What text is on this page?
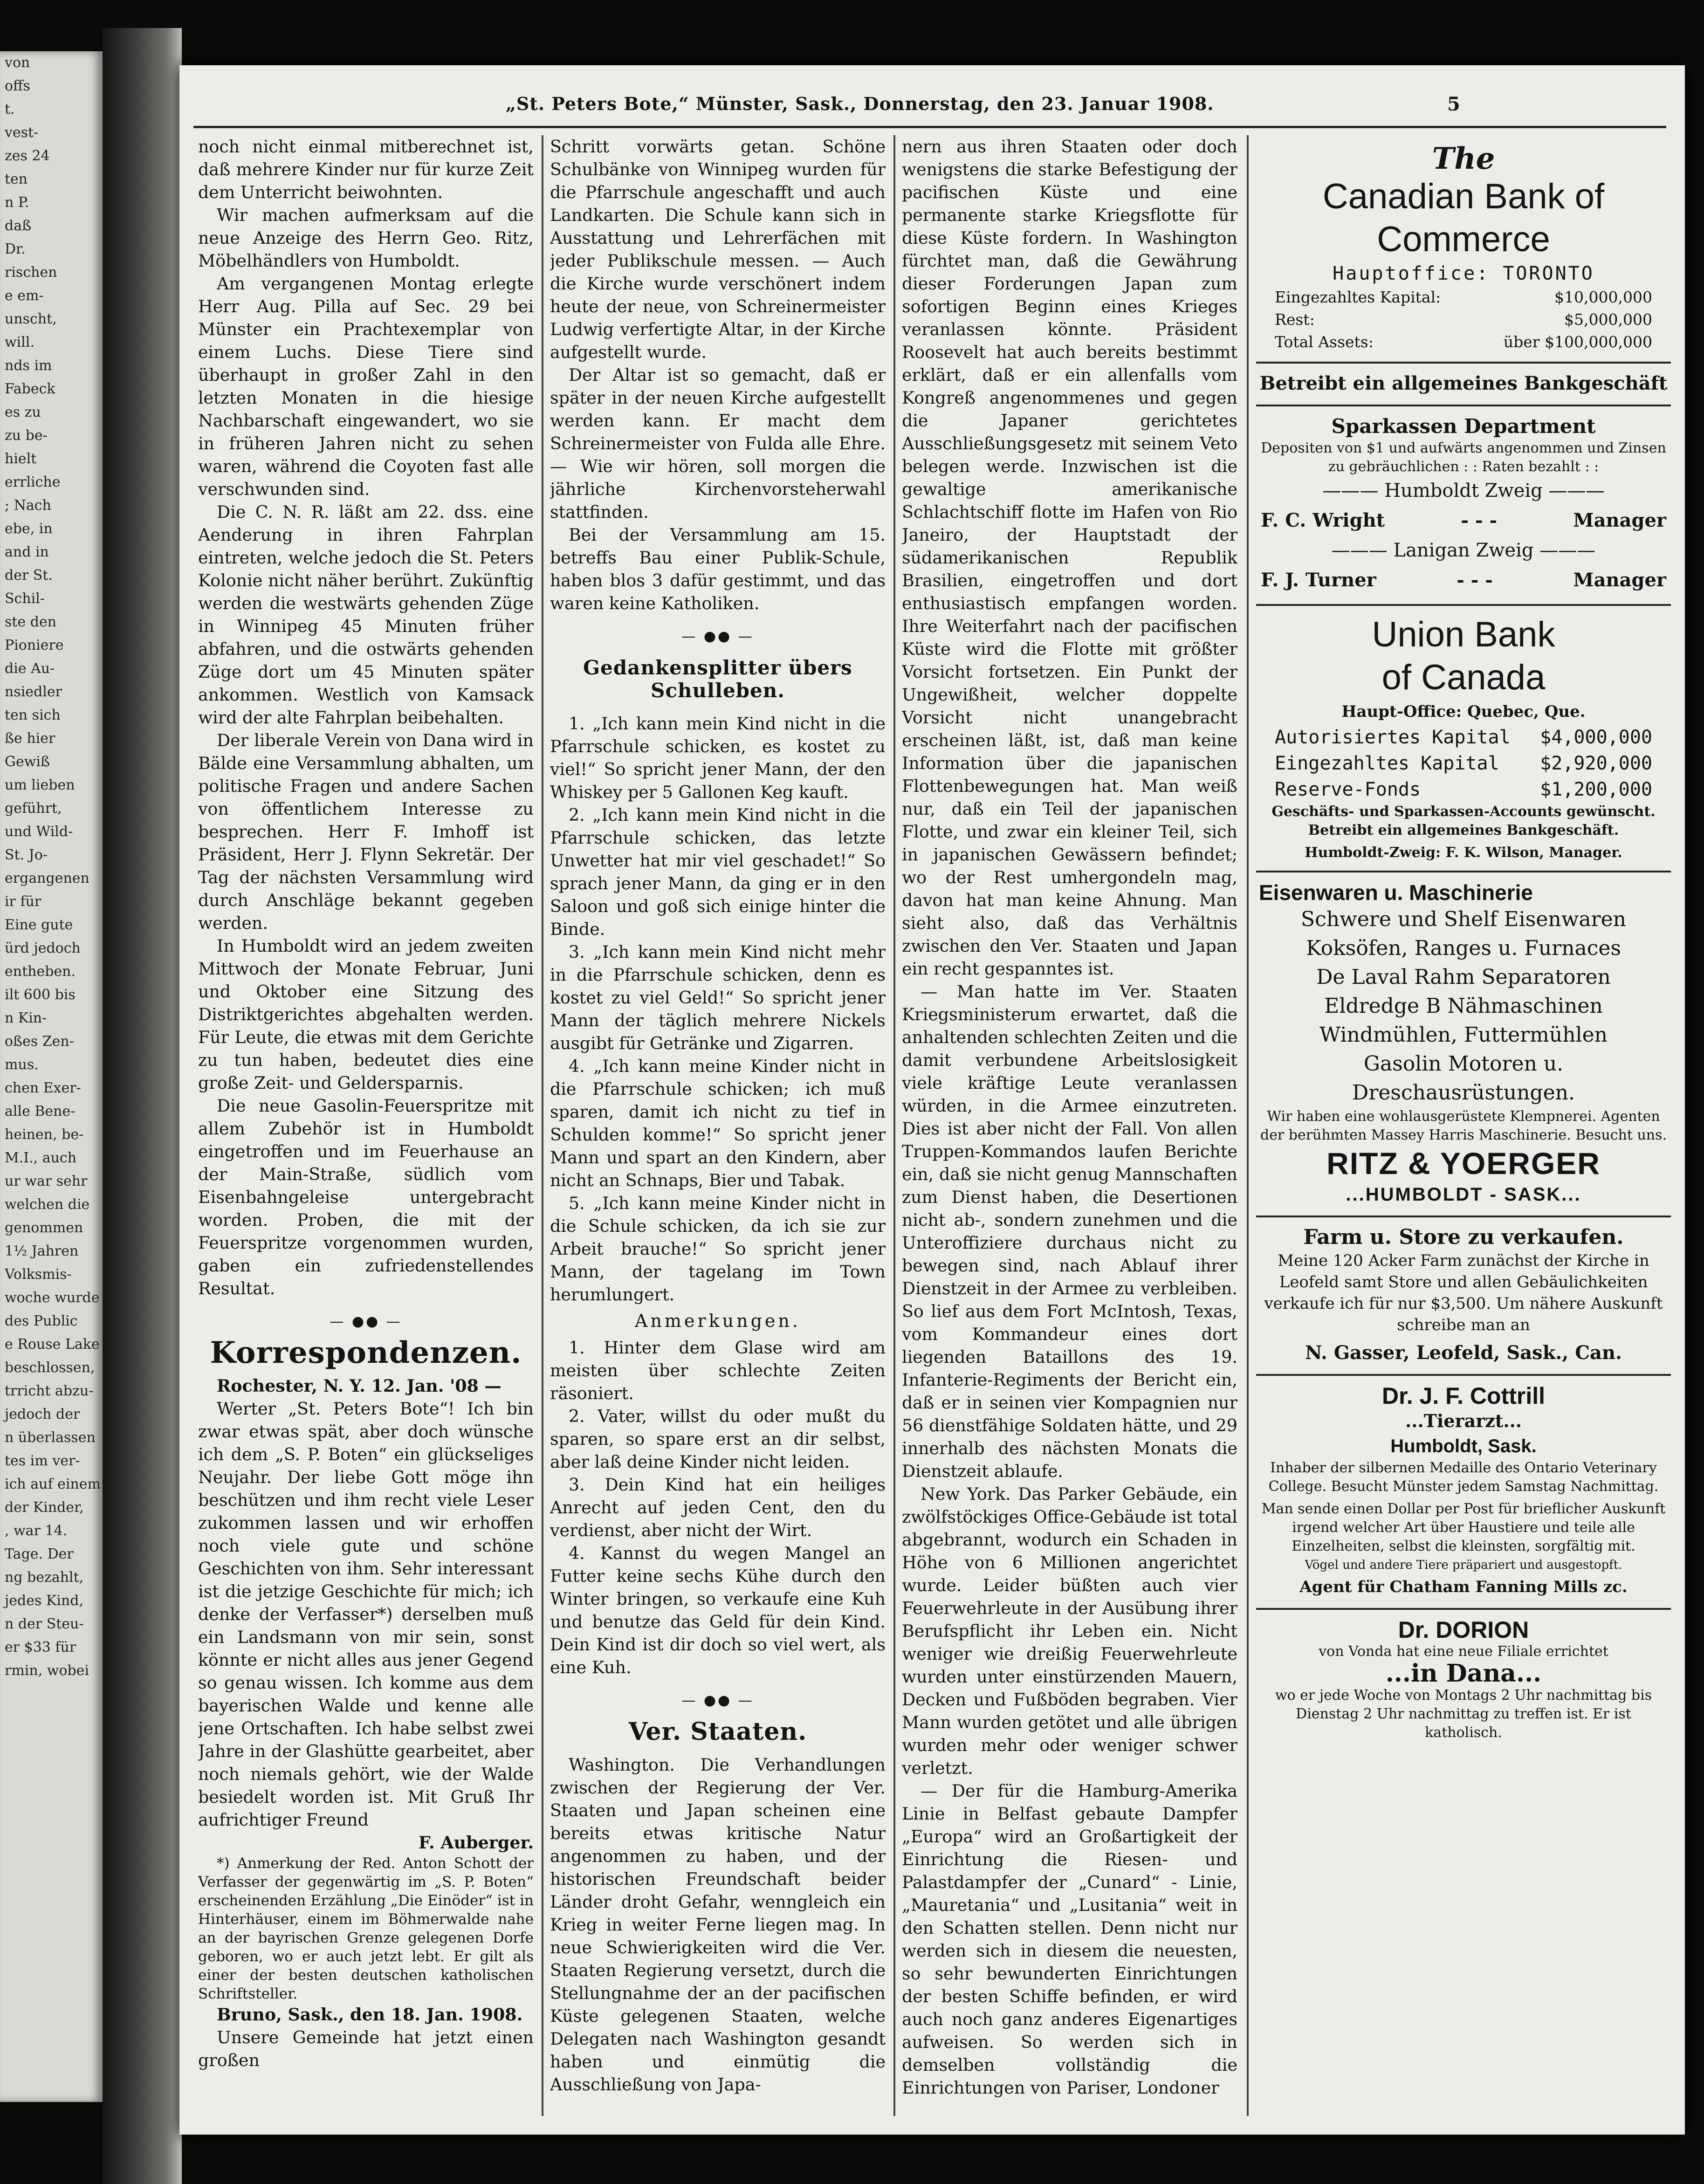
von
offs
t.
vest-
zes 24
ten
n P.
daß
Dr.
rischen
e em-
unscht,
will.
nds im
Fabeck
es zu
zu be-
hielt
errliche
; Nach
ebe, in
and in
der St.
Schil-
ste den
Pioniere
die Au-
nsiedler
ten sich
ße hier
Gewiß
um lieben
geführt,
und Wild-
St. Jo-
ergangenen
ir für
Eine gute
ürd jedoch
entheben.
ilt 600 bis
n Kin-
oßes Zen-
mus.
chen Exer-
alle Bene-
heinen, be-
M.I., auch
ur war sehr
welchen die
genommen
1½ Jahren
Volksmis-
woche wurde
des Public
e Rouse Lake
beschlossen,
trricht abzu-
jedoch der
n überlassen
tes im ver-
ich auf einem
der Kinder,
, war 14.
Tage. Der
ng bezahlt,
jedes Kind,
n der Steu-
er $33 für
rmin, wobei
„St. Peters Bote,“ Münster, Sask., Donnerstag, den 23. Januar 1908.	5

noch nicht einmal mitberechnet ist, daß mehrere Kinder nur für kurze Zeit dem Unterricht beiwohnten.

Wir machen aufmerksam auf die neue Anzeige des Herrn Geo. Ritz, Möbelhändlers von Humboldt.

Am vergangenen Montag erlegte Herr Aug. Pilla auf Sec. 29 bei Münster ein Prachtexemplar von einem Luchs. Diese Tiere sind überhaupt in großer Zahl in den letzten Monaten in die hiesige Nachbarschaft eingewandert, wo sie in früheren Jahren nicht zu sehen waren, während die Coyoten fast alle verschwunden sind.

Die C. N. R. läßt am 22. dss. eine Aenderung in ihren Fahrplan eintreten, welche jedoch die St. Peters Kolonie nicht näher berührt. Zukünftig werden die westwärts gehenden Züge in Winnipeg 45 Minuten früher abfahren, und die ostwärts gehenden Züge dort um 45 Minuten später ankommen. Westlich von Kamsack wird der alte Fahrplan beibehalten.

Der liberale Verein von Dana wird in Bälde eine Versammlung abhalten, um politische Fragen und andere Sachen von öffentlichem Interesse zu besprechen. Herr F. Imhoff ist Präsident, Herr J. Flynn Sekretär. Der Tag der nächsten Versammlung wird durch Anschläge bekannt gegeben werden.

In Humboldt wird an jedem zweiten Mittwoch der Monate Februar, Juni und Oktober eine Sitzung des Distriktgerichtes abgehalten werden. Für Leute, die etwas mit dem Gerichte zu tun haben, bedeutet dies eine große Zeit- und Geldersparnis.

Die neue Gasolin-Feuerspritze mit allem Zubehör ist in Humboldt eingetroffen und im Feuerhause an der Main-Straße, südlich vom Eisenbahngeleise untergebracht worden. Proben, die mit der Feuerspritze vorgenommen wurden, gaben ein zufriedenstellendes Resultat.

— ●● —
Korrespondenzen.

Rochester, N. Y. 12. Jan. '08 —

Werter „St. Peters Bote“! Ich bin zwar etwas spät, aber doch wünsche ich dem „S. P. Boten“ ein glückseliges Neujahr. Der liebe Gott möge ihn beschützen und ihm recht viele Leser zukommen lassen und wir erhoffen noch viele gute und schöne Geschichten von ihm. Sehr interessant ist die jetzige Geschichte für mich; ich denke der Verfasser*) derselben muß ein Landsmann von mir sein, sonst könnte er nicht alles aus jener Gegend so genau wissen. Ich komme aus dem bayerischen Walde und kenne alle jene Ortschaften. Ich habe selbst zwei Jahre in der Glashütte gearbeitet, aber noch niemals gehört, wie der Walde besiedelt worden ist. Mit Gruß Ihr aufrichtiger Freund

F. Auberger.

*) Anmerkung der Red. Anton Schott der Verfasser der gegenwärtig im „S. P. Boten“ erscheinenden Erzählung „Die Einöder“ ist in Hinterhäuser, einem im Böhmerwalde nahe an der bayrischen Grenze gelegenen Dorfe geboren, wo er auch jetzt lebt. Er gilt als einer der besten deutschen katholischen Schriftsteller.

Bruno, Sask., den 18. Jan. 1908.

Unsere Gemeinde hat jetzt einen großen

Schritt vorwärts getan. Schöne Schulbänke von Winnipeg wurden für die Pfarrschule angeschafft und auch Landkarten. Die Schule kann sich in Ausstattung und Lehrerfächen mit jeder Publikschule messen. — Auch die Kirche wurde verschönert indem heute der neue, von Schreinermeister Ludwig verfertigte Altar, in der Kirche aufgestellt wurde.

Der Altar ist so gemacht, daß er später in der neuen Kirche aufgestellt werden kann. Er macht dem Schreinermeister von Fulda alle Ehre. — Wie wir hören, soll morgen die jährliche Kirchenvorsteherwahl stattfinden.

Bei der Versammlung am 15. betreffs Bau einer Publik-Schule, haben blos 3 dafür gestimmt, und das waren keine Katholiken.

— ●● —
Gedankensplitter übers Schulleben.

1. „Ich kann mein Kind nicht in die Pfarrschule schicken, es kostet zu viel!“ So spricht jener Mann, der den Whiskey per 5 Gallonen Keg kauft.

2. „Ich kann mein Kind nicht in die Pfarrschule schicken, das letzte Unwetter hat mir viel geschadet!“ So sprach jener Mann, da ging er in den Saloon und goß sich einige hinter die Binde.

3. „Ich kann mein Kind nicht mehr in die Pfarrschule schicken, denn es kostet zu viel Geld!“ So spricht jener Mann der täglich mehrere Nickels ausgibt für Getränke und Zigarren.

4. „Ich kann meine Kinder nicht in die Pfarrschule schicken; ich muß sparen, damit ich nicht zu tief in Schulden komme!“ So spricht jener Mann und spart an den Kindern, aber nicht an Schnaps, Bier und Tabak.

5. „Ich kann meine Kinder nicht in die Schule schicken, da ich sie zur Arbeit brauche!“ So spricht jener Mann, der tagelang im Town herumlungert.

Anmerkungen.

1. Hinter dem Glase wird am meisten über schlechte Zeiten räsoniert.

2. Vater, willst du oder mußt du sparen, so spare erst an dir selbst, aber laß deine Kinder nicht leiden.

3. Dein Kind hat ein heiliges Anrecht auf jeden Cent, den du verdienst, aber nicht der Wirt.

4. Kannst du wegen Mangel an Futter keine sechs Kühe durch den Winter bringen, so verkaufe eine Kuh und benutze das Geld für dein Kind. Dein Kind ist dir doch so viel wert, als eine Kuh.

— ●● —
Ver. Staaten.

Washington. Die Verhandlungen zwischen der Regierung der Ver. Staaten und Japan scheinen eine bereits etwas kritische Natur angenommen zu haben, und der historischen Freundschaft beider Länder droht Gefahr, wenngleich ein Krieg in weiter Ferne liegen mag. In neue Schwierigkeiten wird die Ver. Staaten Regierung versetzt, durch die Stellungnahme der an der pacifischen Küste gelegenen Staaten, welche Delegaten nach Washington gesandt haben und einmütig die Ausschließung von Japa-

nern aus ihren Staaten oder doch wenigstens die starke Befestigung der pacifischen Küste und eine permanente starke Kriegsflotte für diese Küste fordern. In Washington fürchtet man, daß die Gewährung dieser Forderungen Japan zum sofortigen Beginn eines Krieges veranlassen könnte. Präsident Roosevelt hat auch bereits bestimmt erklärt, daß er ein allenfalls vom Kongreß angenommenes und gegen die Japaner gerichtetes Ausschließungsgesetz mit seinem Veto belegen werde. Inzwischen ist die gewaltige amerikanische Schlachtschiff flotte im Hafen von Rio Janeiro, der Hauptstadt der südamerikanischen Republik Brasilien, eingetroffen und dort enthusiastisch empfangen worden. Ihre Weiterfahrt nach der pacifischen Küste wird die Flotte mit größter Vorsicht fortsetzen. Ein Punkt der Ungewißheit, welcher doppelte Vorsicht nicht unangebracht erscheinen läßt, ist, daß man keine Information über die japanischen Flottenbewegungen hat. Man weiß nur, daß ein Teil der japanischen Flotte, und zwar ein kleiner Teil, sich in japanischen Gewässern befindet; wo der Rest umhergondeln mag, davon hat man keine Ahnung. Man sieht also, daß das Verhältnis zwischen den Ver. Staaten und Japan ein recht gespanntes ist.

— Man hatte im Ver. Staaten Kriegsministerum erwartet, daß die anhaltenden schlechten Zeiten und die damit verbundene Arbeitslosigkeit viele kräftige Leute veranlassen würden, in die Armee einzutreten. Dies ist aber nicht der Fall. Von allen Truppen-Kommandos laufen Berichte ein, daß sie nicht genug Mannschaften zum Dienst haben, die Desertionen nicht ab-, sondern zunehmen und die Unteroffiziere durchaus nicht zu bewegen sind, nach Ablauf ihrer Dienstzeit in der Armee zu verbleiben. So lief aus dem Fort McIntosh, Texas, vom Kommandeur eines dort liegenden Bataillons des 19. Infanterie-Regiments der Bericht ein, daß er in seinen vier Kompagnien nur 56 dienstfähige Soldaten hätte, und 29 innerhalb des nächsten Monats die Dienstzeit ablaufe.

New York. Das Parker Gebäude, ein zwölfstöckiges Office-Gebäude ist total abgebrannt, wodurch ein Schaden in Höhe von 6 Millionen angerichtet wurde. Leider büßten auch vier Feuerwehrleute in der Ausübung ihrer Berufspflicht ihr Leben ein. Nicht weniger wie dreißig Feuerwehrleute wurden unter einstürzenden Mauern, Decken und Fußböden begraben. Vier Mann wurden getötet und alle übrigen wurden mehr oder weniger schwer verletzt.

— Der für die Hamburg-Amerika Linie in Belfast gebaute Dampfer „Europa“ wird an Großartigkeit der Einrichtung die Riesen- und Palastdampfer der „Cunard“ - Linie, „Mauretania“ und „Lusitania“ weit in den Schatten stellen. Denn nicht nur werden sich in diesem die neuesten, so sehr bewunderten Einrichtungen der besten Schiffe befinden, er wird auch noch ganz anderes Eigenartiges aufweisen. So werden sich in demselben vollständig die Einrichtungen von Pariser, Londoner

The
Canadian Bank of Commerce
Hauptoffice: TORONTO
Eingezahltes Kapital:	$10,000,000
Rest:	$5,000,000
Total Assets:	über $100,000,000
Betreibt ein allgemeines Bankgeschäft
Sparkassen Department
Depositen von $1 und aufwärts angenommen und Zinsen zu gebräuchlichen : : Raten bezahlt : :
——— Humboldt Zweig ———
F. C. Wright	- - -	Manager
——— Lanigan Zweig ———
F. J. Turner	- - -	Manager
Union Bank
of Canada
Haupt-Office: Quebec, Que.
Autorisiertes Kapital $4,000,000
Eingezahltes Kapital $2,920,000
Reserve-Fonds	$1,200,000
Geschäfts- und Sparkassen-Accounts gewünscht. Betreibt ein allgemeines Bankgeschäft.
Humboldt-Zweig: F. K. Wilson, Manager.
Eisenwaren u. Maschinerie
Schwere und Shelf Eisenwaren
Koksöfen, Ranges u. Furnaces
De Laval Rahm Separatoren
Eldredge B Nähmaschinen
Windmühlen, Futtermühlen
Gasolin Motoren u. Dreschausrüstungen.
Wir haben eine wohlausgerüstete Klempnerei. Agenten der berühmten Massey Harris Maschinerie. Besucht uns.
RITZ & YOERGER
...HUMBOLDT - SASK...
Farm u. Store zu verkaufen.
Meine 120 Acker Farm zunächst der Kirche in Leofeld samt Store und allen Gebäulichkeiten verkaufe ich für nur $3,500. Um nähere Auskunft schreibe man an
N. Gasser, Leofeld, Sask., Can.
Dr. J. F. Cottrill
...Tierarzt...
Humboldt, Sask.
Inhaber der silbernen Medaille des Ontario Veterinary College. Besucht Münster jedem Samstag Nachmittag.
Man sende einen Dollar per Post für brieflicher Auskunft irgend welcher Art über Haustiere und teile alle Einzelheiten, selbst die kleinsten, sorgfältig mit.
Vögel und andere Tiere präpariert und ausgestopft.
Agent für Chatham Fanning Mills zc.
Dr. DORION
von Vonda hat eine neue Filiale errichtet
...in Dana...
wo er jede Woche von Montags 2 Uhr nachmittag bis Dienstag 2 Uhr nachmittag zu treffen ist. Er ist katholisch.
